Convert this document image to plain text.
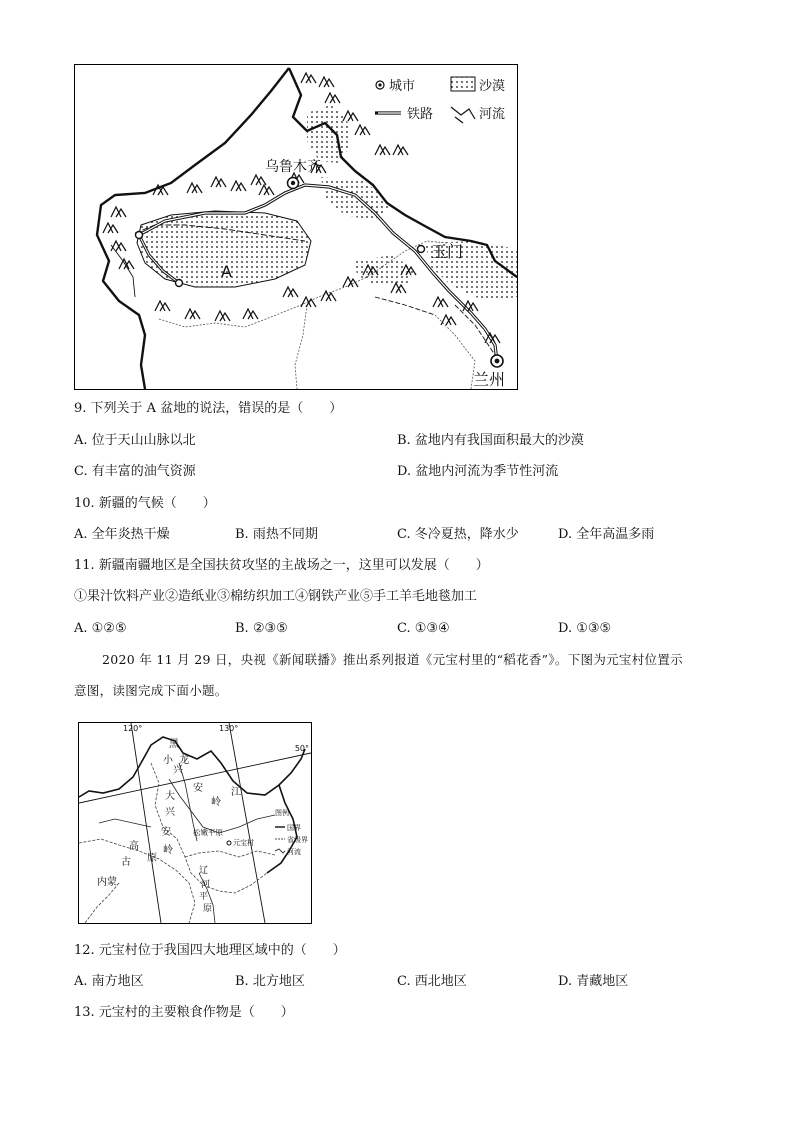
乌鲁木齐
A
玉门
兰州
城市	沙漠
铁路	河流
9. 下列关于 A 盆地的说法，错误的是（　　）
A. 位于天山山脉以北	B. 盆地内有我国面积最大的沙漠
C. 有丰富的油气资源	D. 盆地内河流为季节性河流
10. 新疆的气候（　　）
A. 全年炎热干燥	B. 雨热不同期	C. 冬冷夏热，降水少	D. 全年高温多雨
11. 新疆南疆地区是全国扶贫攻坚的主战场之一，这里可以发展（　　）
①果汁饮料产业②造纸业③棉纺织加工④钢铁产业⑤手工羊毛地毯加工
A. ①②⑤	B. ②③⑤	C. ①③④	D. ①③⑤
2020 年 11 月 29 日，央视《新闻联播》推出系列报道《元宝村里的“稻花香”》。下图为元宝村位置示
意图，读图完成下面小题。
120°	130°
50°
黑
小
兴
龙
安	江
岭
大
兴
安
岭
松嫩平原
元宝村
高
古 原
内蒙
辽
河
平
原
图例
国界
省级界
河流
12. 元宝村位于我国四大地理区域中的（　　）
A. 南方地区	B. 北方地区	C. 西北地区	D. 青藏地区
13. 元宝村的主要粮食作物是（　　）
